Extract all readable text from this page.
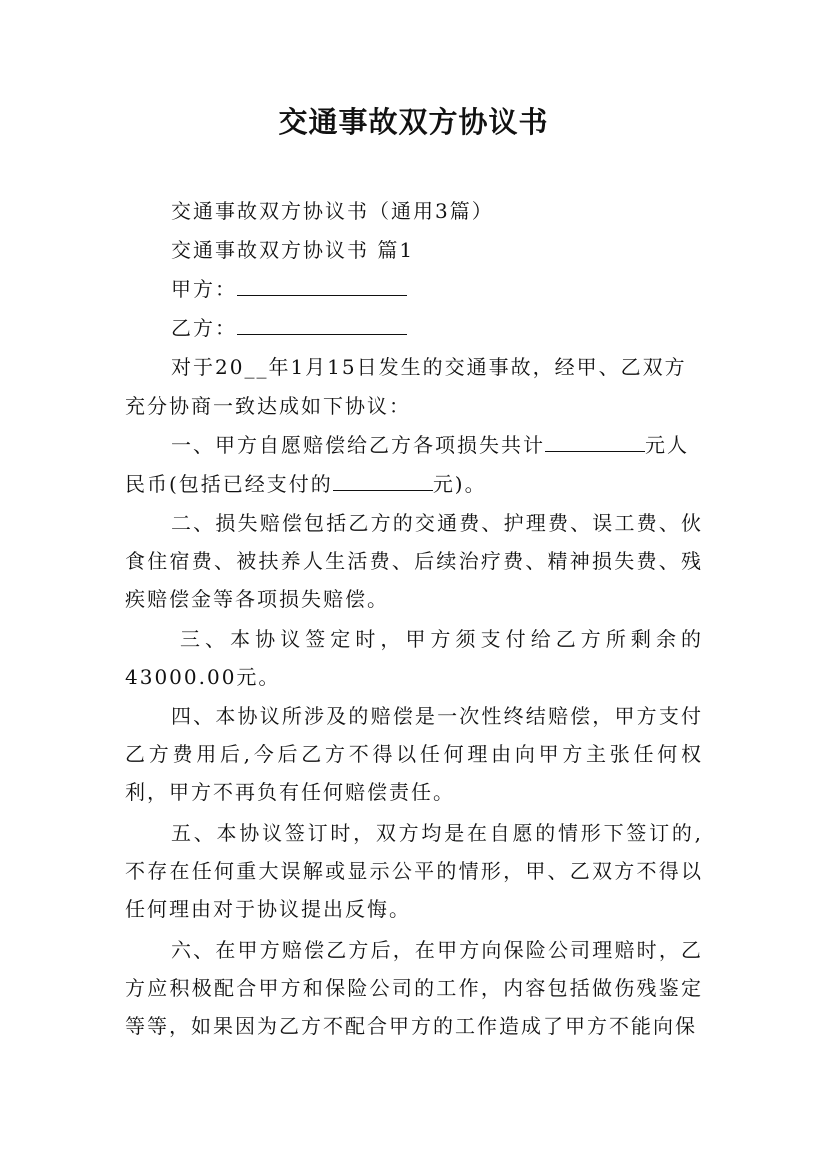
交通事故双方协议书
交通事故双方协议书（通用3篇）
交通事故双方协议书 篇1
甲方：
乙方：
对于20__年1月15日发生的交通事故，经甲、乙双方
充分协商一致达成如下协议：
一、甲方自愿赔偿给乙方各项损失共计	元人
民币(包括已经支付的	元)。
二、损失赔偿包括乙方的交通费、护理费、误工费、伙食住宿费、被扶养人生活费、后续治疗费、精神损失费、残疾赔偿金等各项损失赔偿。
三、本协议签定时，甲方须支付给乙方所剩余的43000.00元。
四、本协议所涉及的赔偿是一次性终结赔偿，甲方支付乙方费用后,今后乙方不得以任何理由向甲方主张任何权利，甲方不再负有任何赔偿责任。
五、本协议签订时，双方均是在自愿的情形下签订的,不存在任何重大误解或显示公平的情形，甲、乙双方不得以任何理由对于协议提出反悔。
六、在甲方赔偿乙方后，在甲方向保险公司理赔时，乙方应积极配合甲方和保险公司的工作，内容包括做伤残鉴定等等，如果因为乙方不配合甲方的工作造成了甲方不能向保
